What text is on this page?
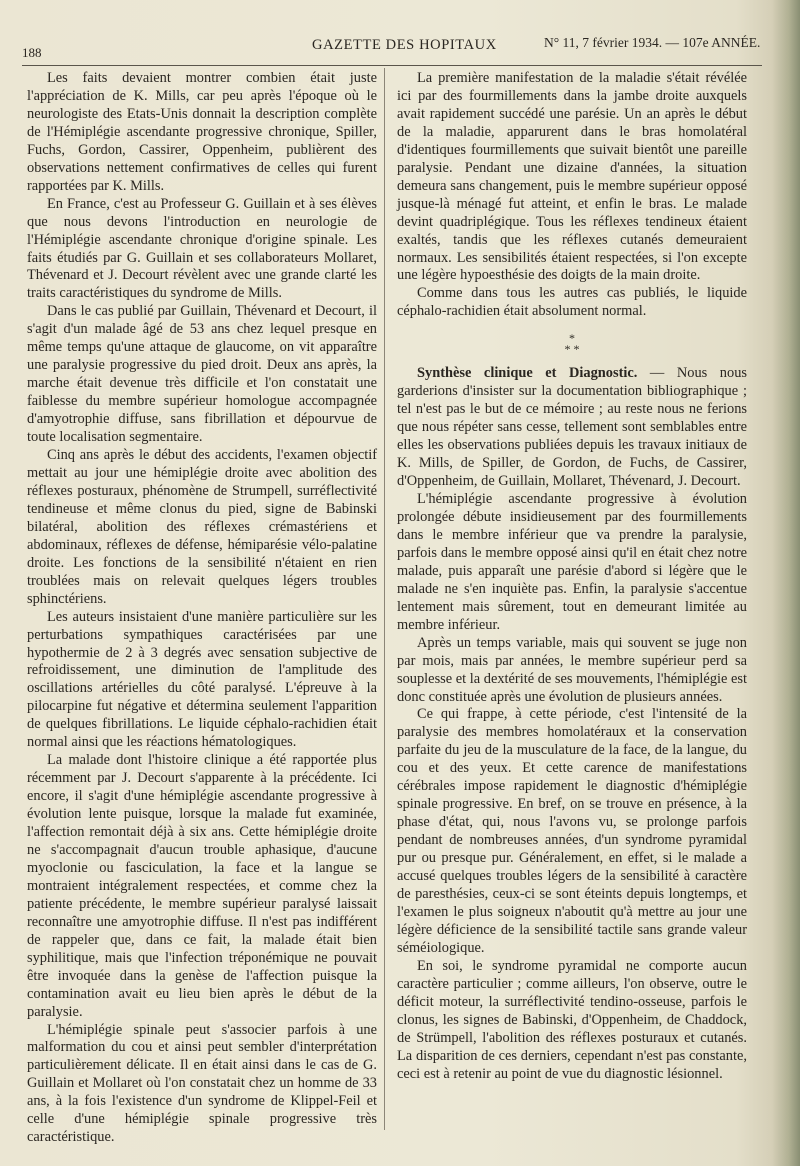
188	GAZETTE DES HOPITAUX	N° 11, 7 février 1934. — 107e ANNÉE.

Les faits devaient montrer combien était juste l'appréciation de K. Mills, car peu après l'époque où le neurologiste des Etats-Unis donnait la description complète de l'Hémiplégie ascendante progressive chronique, Spiller, Fuchs, Gordon, Cassirer, Oppenheim, publièrent des observations nettement confirmatives de celles qui furent rapportées par K. Mills.

En France, c'est au Professeur G. Guillain et à ses élèves que nous devons l'introduction en neurologie de l'Hémiplégie ascendante chronique d'origine spinale. Les faits étudiés par G. Guillain et ses collaborateurs Mollaret, Thévenard et J. Decourt révèlent avec une grande clarté les traits caractéristiques du syndrome de Mills.

Dans le cas publié par Guillain, Thévenard et Decourt, il s'agit d'un malade âgé de 53 ans chez lequel presque en même temps qu'une attaque de glaucome, on vit apparaître une paralysie progressive du pied droit. Deux ans après, la marche était devenue très difficile et l'on constatait une faiblesse du membre supérieur homologue accompagnée d'amyotrophie diffuse, sans fibrillation et dépourvue de toute localisation segmentaire.

Cinq ans après le début des accidents, l'examen objectif mettait au jour une hémiplégie droite avec abolition des réflexes posturaux, phénomène de Strumpell, surréflectivité tendineuse et même clonus du pied, signe de Babinski bilatéral, abolition des réflexes crémastériens et abdominaux, réflexes de défense, hémiparésie vélo-palatine droite. Les fonctions de la sensibilité n'étaient en rien troublées mais on relevait quelques légers troubles sphinctériens.

Les auteurs insistaient d'une manière particulière sur les perturbations sympathiques caractérisées par une hypothermie de 2 à 3 degrés avec sensation subjective de refroidissement, une diminution de l'amplitude des oscillations artérielles du côté paralysé. L'épreuve à la pilocarpine fut négative et détermina seulement l'apparition de quelques fibrillations. Le liquide céphalo-rachidien était normal ainsi que les réactions hématologiques.

La malade dont l'histoire clinique a été rapportée plus récemment par J. Decourt s'apparente à la précédente. Ici encore, il s'agit d'une hémiplégie ascendante progressive à évolution lente puisque, lorsque la malade fut examinée, l'affection remontait déjà à six ans. Cette hémiplégie droite ne s'accompagnait d'aucun trouble aphasique, d'aucune myoclonie ou fasciculation, la face et la langue se montraient intégralement respectées, et comme chez la patiente précédente, le membre supérieur paralysé laissait reconnaître une amyotrophie diffuse. Il n'est pas indifférent de rappeler que, dans ce fait, la malade était bien syphilitique, mais que l'infection tréponémique ne pouvait être invoquée dans la genèse de l'affection puisque la contamination avait eu lieu bien après le début de la paralysie.

L'hémiplégie spinale peut s'associer parfois à une malformation du cou et ainsi peut sembler d'interprétation particulièrement délicate. Il en était ainsi dans le cas de G. Guillain et Mollaret où l'on constatait chez un homme de 33 ans, à la fois l'existence d'un syndrome de Klippel-Feil et celle d'une hémiplégie spinale progressive très caractéristique.

La première manifestation de la maladie s'était révélée ici par des fourmillements dans la jambe droite auxquels avait rapidement succédé une parésie. Un an après le début de la maladie, apparurent dans le bras homolatéral d'identiques fourmillements que suivait bientôt une pareille paralysie. Pendant une dizaine d'années, la situation demeura sans changement, puis le membre supérieur opposé jusque-là ménagé fut atteint, et enfin le bras. Le malade devint quadriplégique. Tous les réflexes tendineux étaient exaltés, tandis que les réflexes cutanés demeuraient normaux. Les sensibilités étaient respectées, si l'on excepte une légère hypoesthésie des doigts de la main droite.

Comme dans tous les autres cas publiés, le liquide céphalo-rachidien était absolument normal.

*
* *

Synthèse clinique et Diagnostic. — Nous nous garderions d'insister sur la documentation bibliographique ; tel n'est pas le but de ce mémoire ; au reste nous ne ferions que nous répéter sans cesse, tellement sont semblables entre elles les observations publiées depuis les travaux initiaux de K. Mills, de Spiller, de Gordon, de Fuchs, de Cassirer, d'Oppenheim, de Guillain, Mollaret, Thévenard, J. Decourt.

L'hémiplégie ascendante progressive à évolution prolongée débute insidieusement par des fourmillements dans le membre inférieur que va prendre la paralysie, parfois dans le membre opposé ainsi qu'il en était chez notre malade, puis apparaît une parésie d'abord si légère que le malade ne s'en inquiète pas. Enfin, la paralysie s'accentue lentement mais sûrement, tout en demeurant limitée au membre inférieur.

Après un temps variable, mais qui souvent se juge non par mois, mais par années, le membre supérieur perd sa souplesse et la dextérité de ses mouvements, l'hémiplégie est donc constituée après une évolution de plusieurs années.

Ce qui frappe, à cette période, c'est l'intensité de la paralysie des membres homolatéraux et la conservation parfaite du jeu de la musculature de la face, de la langue, du cou et des yeux. Et cette carence de manifestations cérébrales impose rapidement le diagnostic d'hémiplégie spinale progressive. En bref, on se trouve en présence, à la phase d'état, qui, nous l'avons vu, se prolonge parfois pendant de nombreuses années, d'un syndrome pyramidal pur ou presque pur. Généralement, en effet, si le malade a accusé quelques troubles légers de la sensibilité à caractère de paresthésies, ceux-ci se sont éteints depuis longtemps, et l'examen le plus soigneux n'aboutit qu'à mettre au jour une légère déficience de la sensibilité tactile sans grande valeur séméiologique.

En soi, le syndrome pyramidal ne comporte aucun caractère particulier ; comme ailleurs, l'on observe, outre le déficit moteur, la surréflectivité tendino-osseuse, parfois le clonus, les signes de Babinski, d'Oppenheim, de Chaddock, de Strümpell, l'abolition des réflexes posturaux et cutanés. La disparition de ces derniers, cependant n'est pas constante, ceci est à retenir au point de vue du diagnostic lésionnel.
